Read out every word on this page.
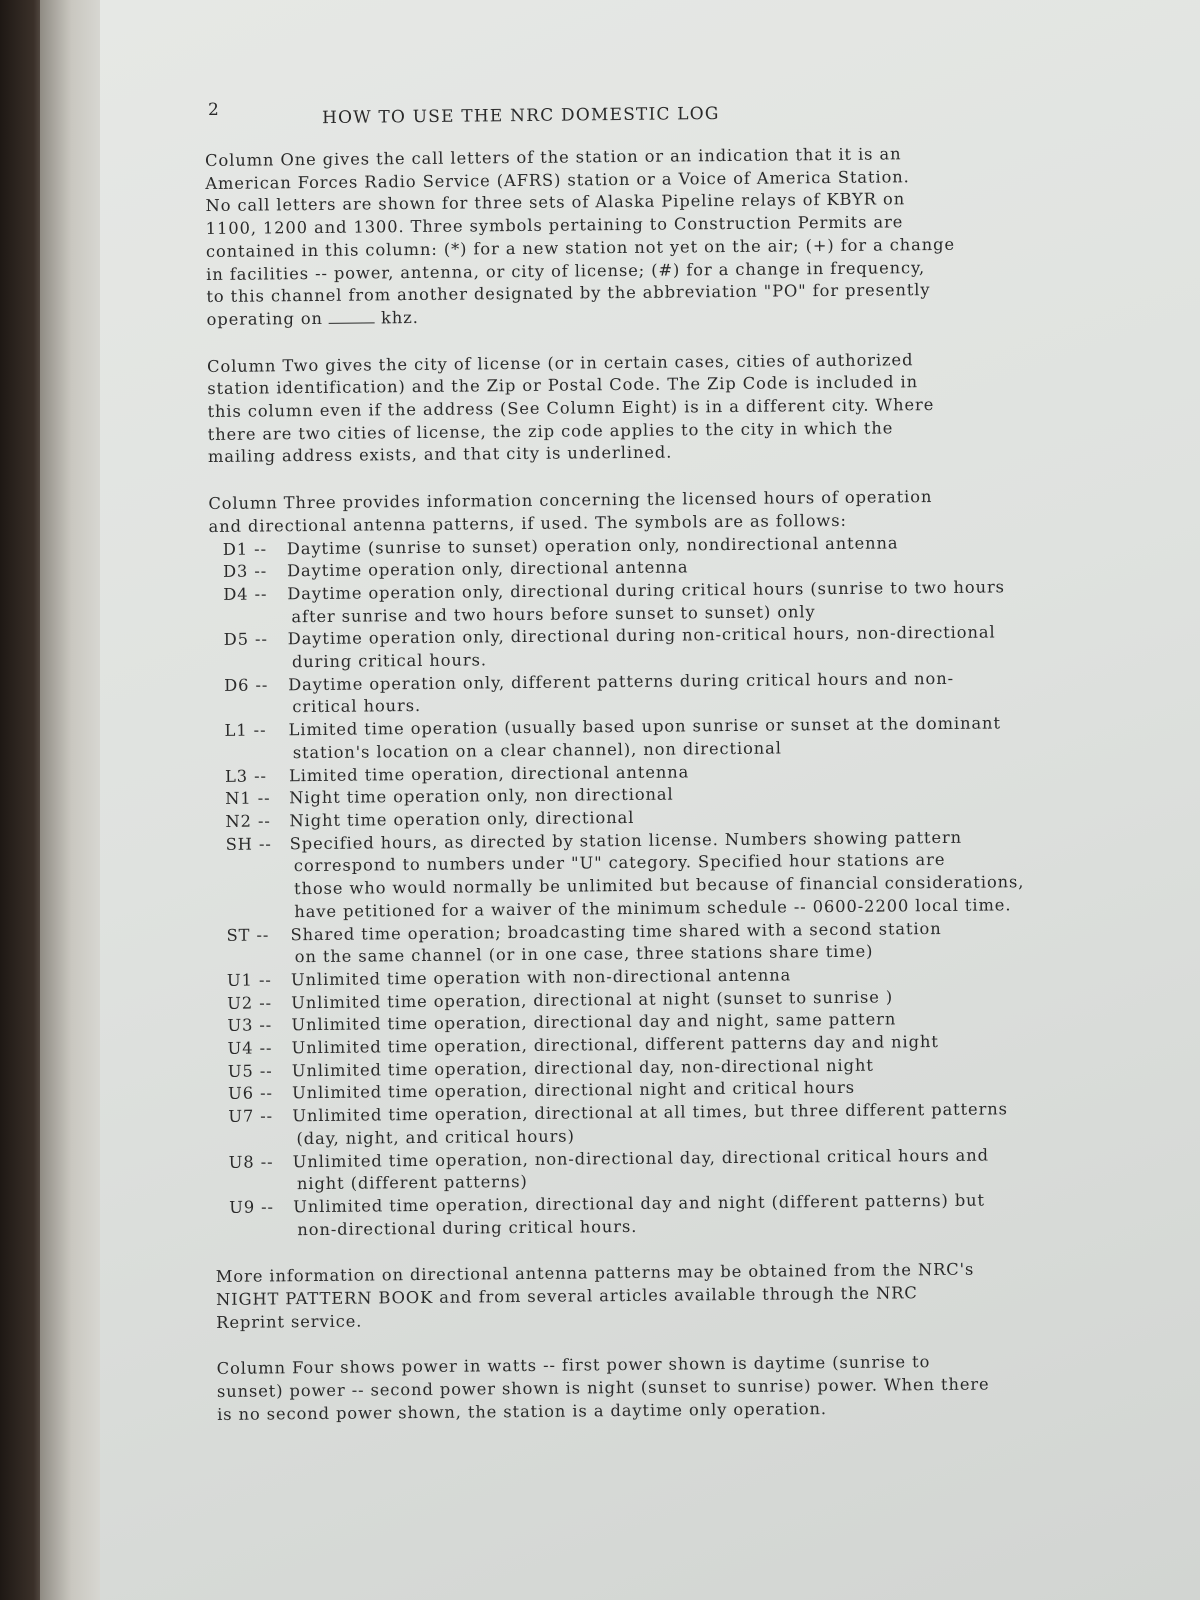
2	HOW TO USE THE NRC DOMESTIC LOG
Column One gives the call letters of the station or an indication that it is an
American Forces Radio Service (AFRS) station or a Voice of America Station.
No call letters are shown for three sets of Alaska Pipeline relays of KBYR on
1100, 1200 and 1300. Three symbols pertaining to Construction Permits are
contained in this column: (*) for a new station not yet on the air; (+) for a change
in facilities -- power, antenna, or city of license; (#) for a change in frequency,
to this channel from another designated by the abbreviation "PO" for presently
operating on	khz.
Column Two gives the city of license (or in certain cases, cities of authorized
station identification) and the Zip or Postal Code. The Zip Code is included in
this column even if the address (See Column Eight) is in a different city. Where
there are two cities of license, the zip code applies to the city in which the
mailing address exists, and that city is underlined.
Column Three provides information concerning the licensed hours of operation
and directional antenna patterns, if used. The symbols are as follows:
D1 --	Daytime (sunrise to sunset) operation only, nondirectional antenna
D3 --	Daytime operation only, directional antenna
D4 --	Daytime operation only, directional during critical hours (sunrise to two hours
after sunrise and two hours before sunset to sunset) only
D5 --	Daytime operation only, directional during non-critical hours, non-directional
during critical hours.
D6 --	Daytime operation only, different patterns during critical hours and non-
critical hours.
L1 --	Limited time operation (usually based upon sunrise or sunset at the dominant
station's location on a clear channel), non directional
L3 --	Limited time operation, directional antenna
N1 --	Night time operation only, non directional
N2 --	Night time operation only, directional
SH --	Specified hours, as directed by station license. Numbers showing pattern
correspond to numbers under "U" category. Specified hour stations are
those who would normally be unlimited but because of financial considerations,
have petitioned for a waiver of the minimum schedule -- 0600-2200 local time.
ST --	Shared time operation; broadcasting time shared with a second station
on the same channel (or in one case, three stations share time)
U1 --	Unlimited time operation with non-directional antenna
U2 --	Unlimited time operation, directional at night (sunset to sunrise )
U3 --	Unlimited time operation, directional day and night, same pattern
U4 --	Unlimited time operation, directional, different patterns day and night
U5 --	Unlimited time operation, directional day, non-directional night
U6 --	Unlimited time operation, directional night and critical hours
U7 --	Unlimited time operation, directional at all times, but three different patterns
(day, night, and critical hours)
U8 --	Unlimited time operation, non-directional day, directional critical hours and
night (different patterns)
U9 --	Unlimited time operation, directional day and night (different patterns) but
non-directional during critical hours.
More information on directional antenna patterns may be obtained from the NRC's
NIGHT PATTERN BOOK and from several articles available through the NRC
Reprint service.
Column Four shows power in watts -- first power shown is daytime (sunrise to
sunset) power -- second power shown is night (sunset to sunrise) power. When there
is no second power shown, the station is a daytime only operation.
